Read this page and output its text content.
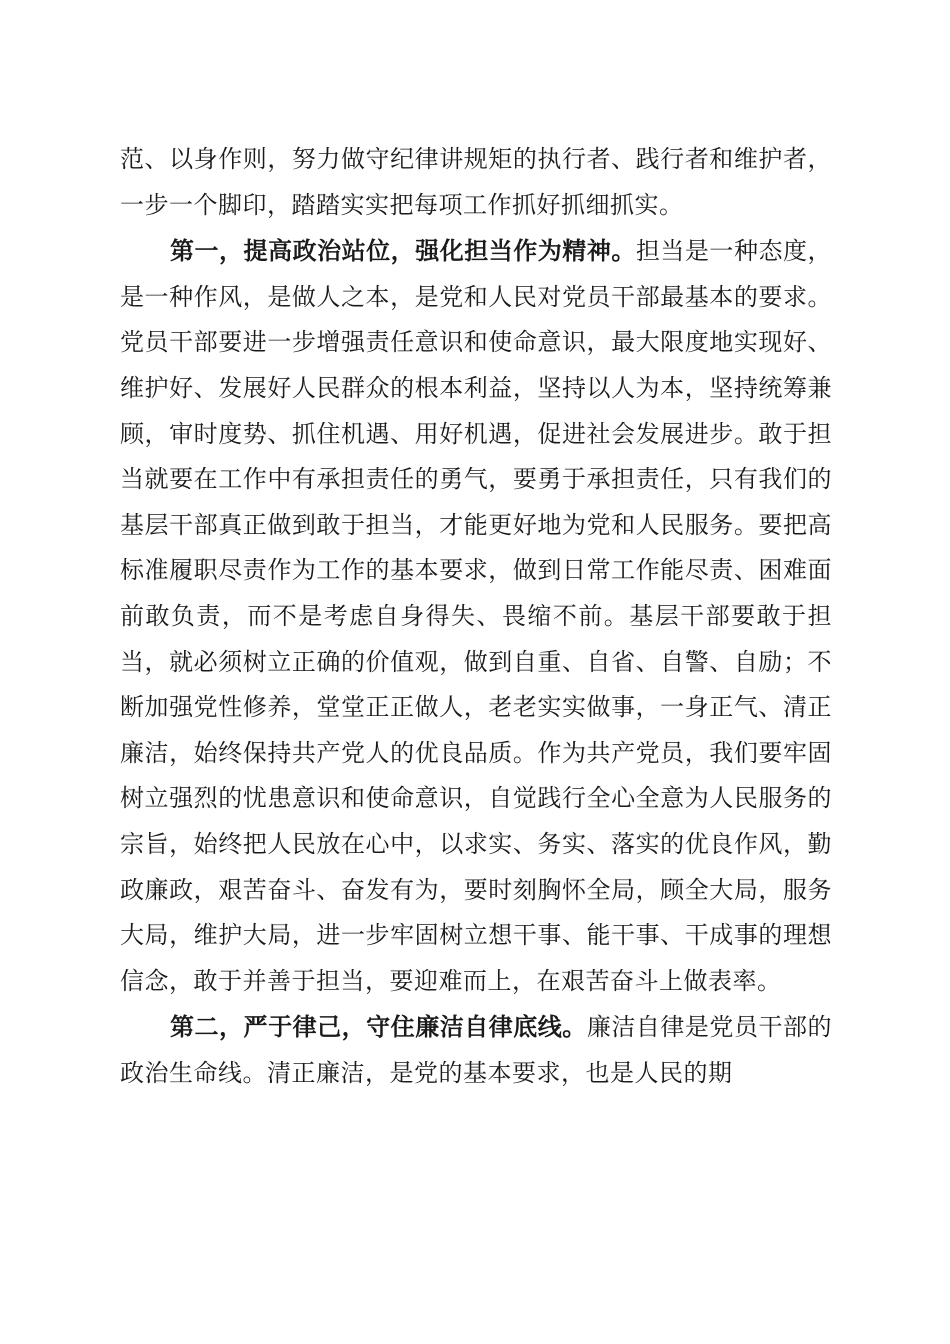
范、以身作则，努力做守纪律讲规矩的执行者、践行者和维护者，一步一个脚印，踏踏实实把每项工作抓好抓细抓实。

第一，提高政治站位，强化担当作为精神。担当是一种态度，是一种作风，是做人之本，是党和人民对党员干部最基本的要求。党员干部要进一步增强责任意识和使命意识，最大限度地实现好、维护好、发展好人民群众的根本利益，坚持以人为本，坚持统筹兼顾，审时度势、抓住机遇、用好机遇，促进社会发展进步。敢于担当就要在工作中有承担责任的勇气，要勇于承担责任，只有我们的基层干部真正做到敢于担当，才能更好地为党和人民服务。要把高标准履职尽责作为工作的基本要求，做到日常工作能尽责、困难面前敢负责，而不是考虑自身得失、畏缩不前。基层干部要敢于担当，就必须树立正确的价值观，做到自重、自省、自警、自励；不断加强党性修养，堂堂正正做人，老老实实做事，一身正气、清正廉洁，始终保持共产党人的优良品质。作为共产党员，我们要牢固树立强烈的忧患意识和使命意识，自觉践行全心全意为人民服务的宗旨，始终把人民放在心中，以求实、务实、落实的优良作风，勤政廉政，艰苦奋斗、奋发有为，要时刻胸怀全局，顾全大局，服务大局，维护大局，进一步牢固树立想干事、能干事、干成事的理想信念，敢于并善于担当，要迎难而上，在艰苦奋斗上做表率。

第二，严于律己，守住廉洁自律底线。廉洁自律是党员干部的政治生命线。清正廉洁，是党的基本要求，也是人民的期
